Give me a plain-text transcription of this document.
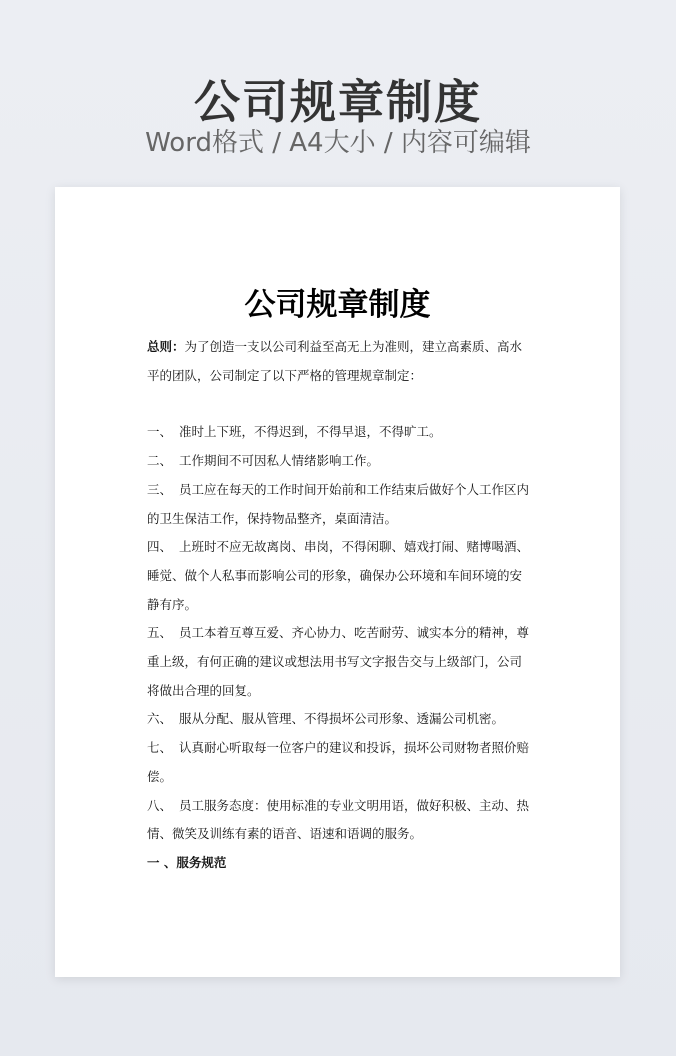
公司规章制度
Word格式 / A4大小 / 内容可编辑
公司规章制度

总则：为了创造一支以公司利益至高无上为准则，建立高素质、高水平的团队，公司制定了以下严格的管理规章制定：

一、 准时上下班，不得迟到，不得早退，不得旷工。

二、 工作期间不可因私人情绪影响工作。

三、 员工应在每天的工作时间开始前和工作结束后做好个人工作区内的卫生保洁工作，保持物品整齐，桌面清洁。

四、 上班时不应无故离岗、串岗，不得闲聊、嬉戏打闹、赌博喝酒、睡觉、做个人私事而影响公司的形象，确保办公环境和车间环境的安静有序。

五、 员工本着互尊互爱、齐心协力、吃苦耐劳、诚实本分的精神，尊重上级，有何正确的建议或想法用书写文字报告交与上级部门，公司将做出合理的回复。

六、 服从分配、服从管理、不得损坏公司形象、透漏公司机密。

七、 认真耐心听取每一位客户的建议和投诉，损坏公司财物者照价赔偿。

八、 员工服务态度：使用标准的专业文明用语，做好积极、主动、热情、微笑及训练有素的语音、语速和语调的服务。

一 、服务规范
